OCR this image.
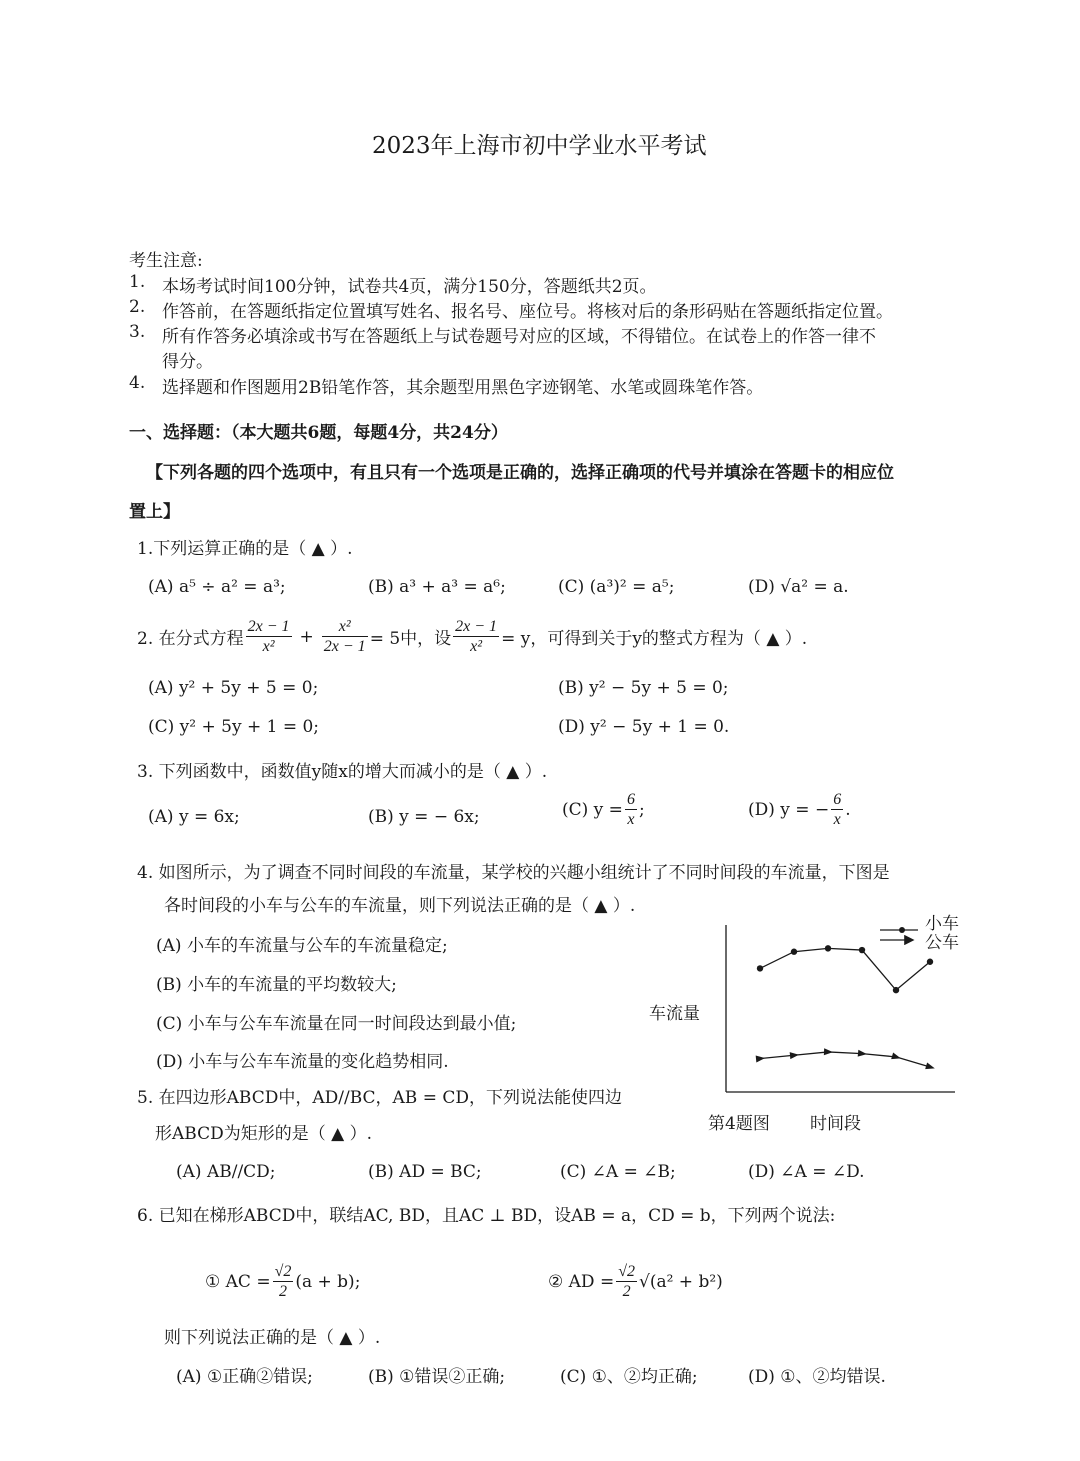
2023年上海市初中学业水平考试
考生注意:
1. 本场考试时间100分钟，试卷共4页，满分150分，答题纸共2页。
2. 作答前，在答题纸指定位置填写姓名、报名号、座位号。将核对后的条形码贴在答题纸指定位置。
3. 所有作答务必填涂或书写在答题纸上与试卷题号对应的区域，不得错位。在试卷上的作答一律不
得分。
4. 选择题和作图题用2B铅笔作答，其余题型用黑色字迹钢笔、水笔或圆珠笔作答。
一、选择题：（本大题共6题，每题4分，共24分）
【下列各题的四个选项中，有且只有一个选项是正确的，选择正确项的代号并填涂在答题卡的相应位
置上】
1.下列运算正确的是（ ▲ ）.
(A) a⁵ ÷ a² = a³;	(B) a³ + a³ = a⁶;	(C) (a³)² = a⁵;	(D) √a² = a.
2. 在分式方程 $\frac{2x - 1}{\text{x²}} + \frac{\text{x²}}{2x - 1} = 5$中，设 $\frac{2x - 1}{\text{x²}} = y$，可得到关于y的整式方程为（ ▲ ）.
(A) y² + 5y + 5 = 0;	(B) y² − 5y + 5 = 0;
(C) y² + 5y + 1 = 0;	(D) y² − 5y + 1 = 0.
3. 下列函数中，函数值y随x的增大而减小的是（ ▲ ）.
(A) y = 6x;	(B) y = − 6x;	(C) $y = \frac{6}{x}$ ;	(D) y = − $\frac{6}{x}$ .
4. 如图所示，为了调查不同时间段的车流量，某学校的兴趣小组统计了不同时间段的车流量，下图是
各时间段的小车与公车的车流量，则下列说法正确的是（ ▲ ）.
(A) 小车的车流量与公车的车流量稳定;
(B) 小车的车流量的平均数较大;
(C) 小车与公车车流量在同一时间段达到最小值;
(D) 小车与公车车流量的变化趋势相同.
车流量
第4题图 时间段
小车
公车
5. 在四边形ABCD中，AD//BC，AB = CD，下列说法能使四边
形ABCD为矩形的是（ ▲ ）.
(A) AB//CD;	(B) AD = BC;	(C) ∠A = ∠B;	(D) ∠A = ∠D.
6. 已知在梯形ABCD中，联结AC, BD，且AC ⊥ BD，设AB = a，CD = b，下列两个说法:
① AC = $\frac{√2}{2} (a + b)$;	② AD = $\frac{√2}{2} √(a^2 + b^2)$
则下列说法正确的是（ ▲ ）.
(A) ①正确②错误;	(B) ①错误②正确;	(C) ①、②均正确;	(D) ①、②均错误.
